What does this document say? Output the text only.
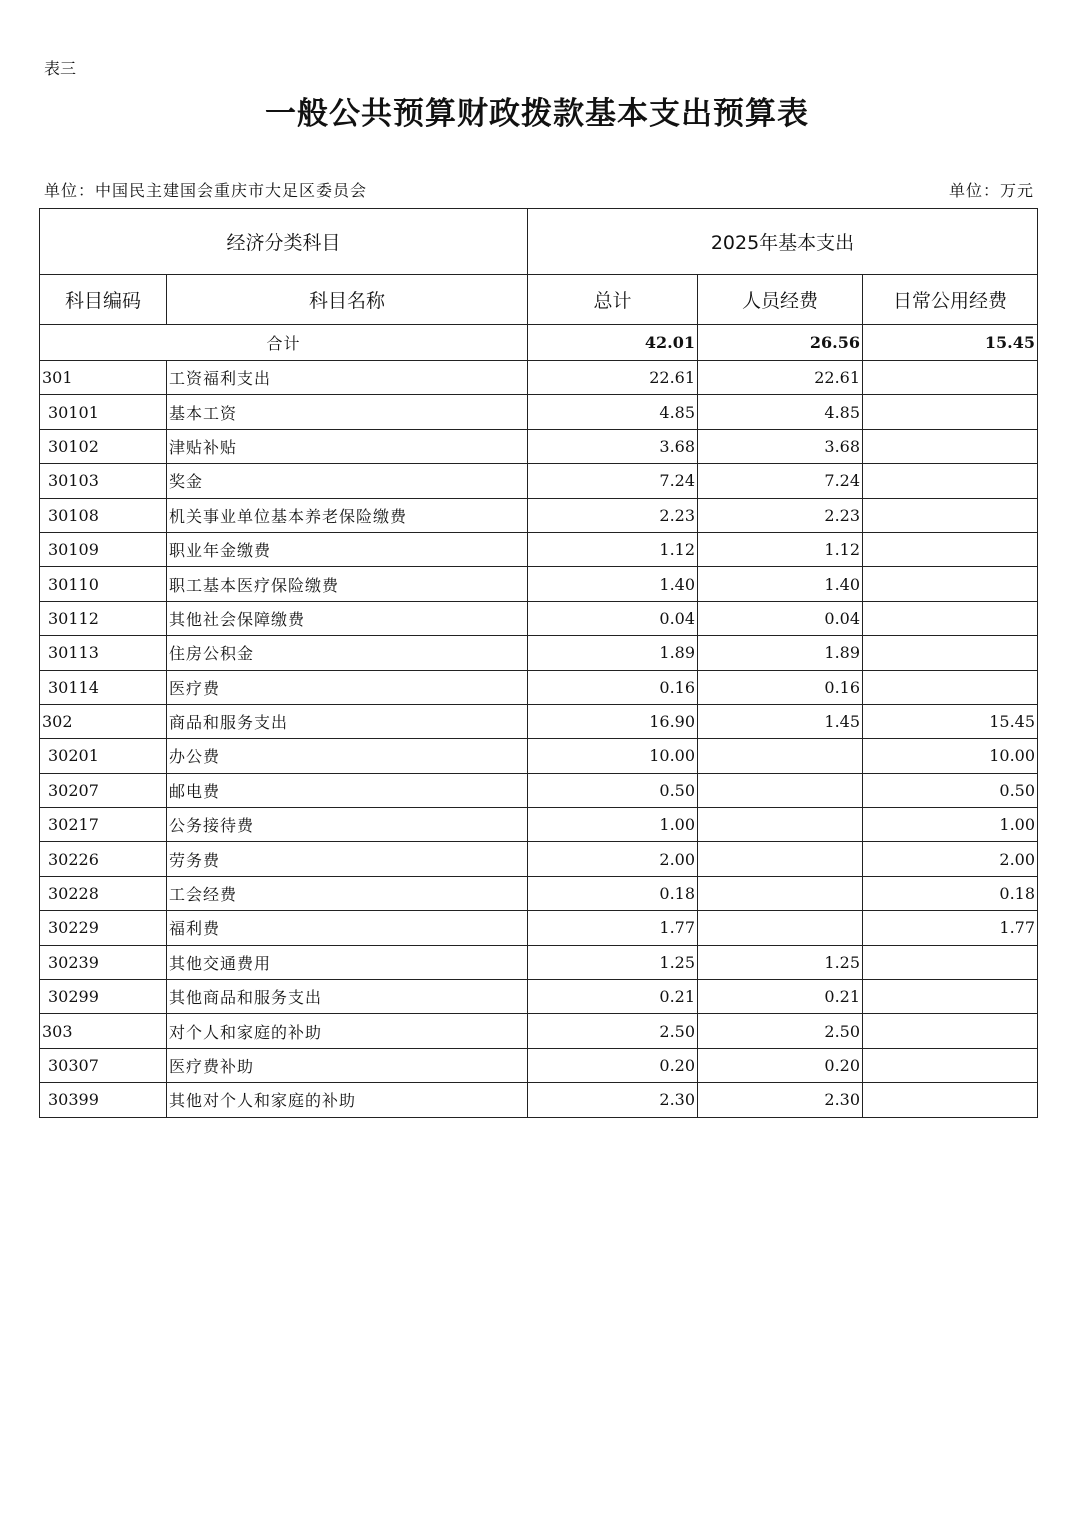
表三
一般公共预算财政拨款基本支出预算表
单位：中国民主建国会重庆市大足区委员会	单位：万元
经济分类科目		2025年基本支出		
科目编码	科目名称	总计	人员经费	日常公用经费
合计		42.01	26.56	15.45
301	工资福利支出	22.61	22.61	
30101	基本工资	4.85	4.85	
30102	津贴补贴	3.68	3.68	
30103	奖金	7.24	7.24	
30108	机关事业单位基本养老保险缴费	2.23	2.23	
30109	职业年金缴费	1.12	1.12	
30110	职工基本医疗保险缴费	1.40	1.40	
30112	其他社会保障缴费	0.04	0.04	
30113	住房公积金	1.89	1.89	
30114	医疗费	0.16	0.16	
302	商品和服务支出	16.90	1.45	15.45
30201	办公费	10.00		10.00
30207	邮电费	0.50		0.50
30217	公务接待费	1.00		1.00
30226	劳务费	2.00		2.00
30228	工会经费	0.18		0.18
30229	福利费	1.77		1.77
30239	其他交通费用	1.25	1.25	
30299	其他商品和服务支出	0.21	0.21	
303	对个人和家庭的补助	2.50	2.50	
30307	医疗费补助	0.20	0.20	
30399	其他对个人和家庭的补助	2.30	2.30	
